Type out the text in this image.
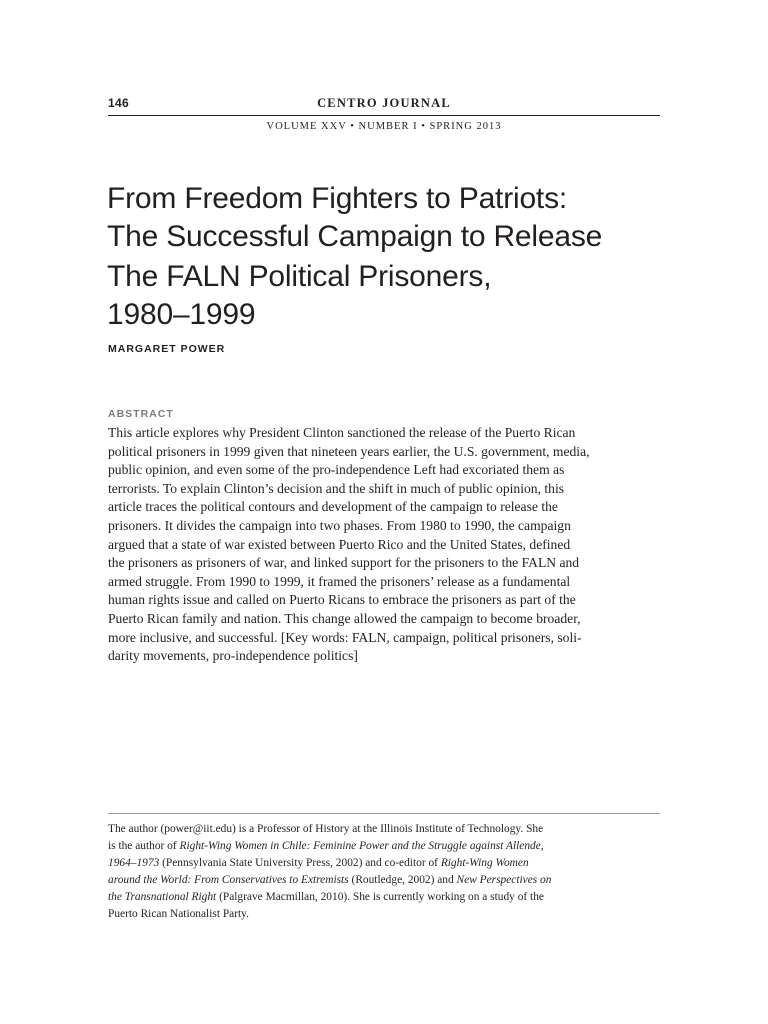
146	CENTRO JOURNAL
VOLUME XXV • NUMBER I • SPRING 2013
From Freedom Fighters to Patriots:
The Successful Campaign to Release
The FALN Political Prisoners,
1980–1999
MARGARET POWER
ABSTRACT
This article explores why President Clinton sanctioned the release of the Puerto Rican
political prisoners in 1999 given that nineteen years earlier, the U.S. government, media,
public opinion, and even some of the pro-independence Left had excoriated them as
terrorists. To explain Clinton’s decision and the shift in much of public opinion, this
article traces the political contours and development of the campaign to release the
prisoners. It divides the campaign into two phases. From 1980 to 1990, the campaign
argued that a state of war existed between Puerto Rico and the United States, defined
the prisoners as prisoners of war, and linked support for the prisoners to the FALN and
armed struggle. From 1990 to 1999, it framed the prisoners’ release as a fundamental
human rights issue and called on Puerto Ricans to embrace the prisoners as part of the
Puerto Rican family and nation. This change allowed the campaign to become broader,
more inclusive, and successful. [Key words: FALN, campaign, political prisoners, soli-
darity movements, pro-independence politics]
The author (power@iit.edu) is a Professor of History at the Illinois Institute of Technology. She
is the author of Right-Wing Women in Chile: Feminine Power and the Struggle against Allende,
1964–1973 (Pennsylvania State University Press, 2002) and co-editor of Right-Wing Women
around the World: From Conservatives to Extremists (Routledge, 2002) and New Perspectives on
the Transnational Right (Palgrave Macmillan, 2010). She is currently working on a study of the
Puerto Rican Nationalist Party.
